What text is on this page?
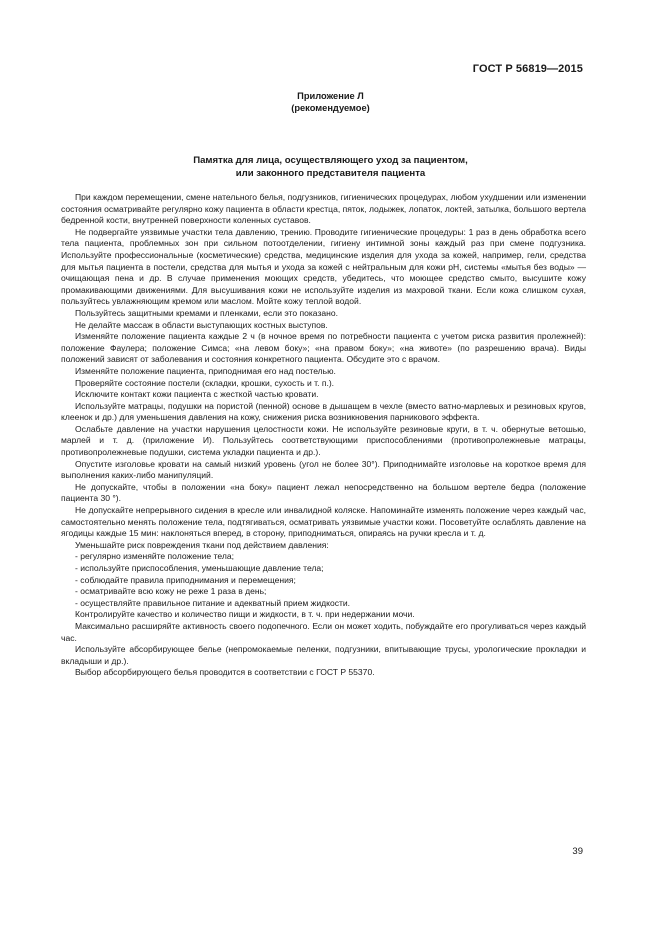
ГОСТ Р 56819—2015
Приложение Л
(рекомендуемое)
Памятка для лица, осуществляющего уход за пациентом,
или законного представителя пациента

При каждом перемещении, смене нательного белья, подгузников, гигиенических процедурах, любом ухудшении или изменении состояния осматривайте регулярно кожу пациента в области крестца, пяток, лодыжек, лопаток, локтей, затылка, большого вертела бедренной кости, внутренней поверхности коленных суставов.

Не подвергайте уязвимые участки тела давлению, трению. Проводите гигиенические процедуры: 1 раз в день обработка всего тела пациента, проблемных зон при сильном потоотделении, гигиену интимной зоны каждый раз при смене подгузника. Используйте профессиональные (косметические) средства, медицинские изделия для ухода за кожей, например, гели, средства для мытья пациента в постели, средства для мытья и ухода за кожей с нейтральным для кожи pH, системы «мытья без воды» — очищающая пена и др. В случае применения моющих средств, убедитесь, что моющее средство смыто, высушите кожу промакивающими движениями. Для высушивания кожи не используйте изделия из махровой ткани. Если кожа слишком сухая, пользуйтесь увлажняющим кремом или маслом. Мойте кожу теплой водой.

Пользуйтесь защитными кремами и пленками, если это показано.

Не делайте массаж в области выступающих костных выступов.

Изменяйте положение пациента каждые 2 ч (в ночное время по потребности пациента с учетом риска развития пролежней): положение Фаулера; положение Симса; «на левом боку»; «на правом боку»; «на животе» (по разрешению врача). Виды положений зависят от заболевания и состояния конкретного пациента. Обсудите это с врачом.

Изменяйте положение пациента, приподнимая его над постелью.

Проверяйте состояние постели (складки, крошки, сухость и т. п.).

Исключите контакт кожи пациента с жесткой частью кровати.

Используйте матрацы, подушки на пористой (пенной) основе в дышащем в чехле (вместо ватно-марлевых и резиновых кругов, клеенок и др.) для уменьшения давления на кожу, снижения риска возникновения парникового эффекта.

Ослабьте давление на участки нарушения целостности кожи. Не используйте резиновые круги, в т. ч. обернутые ветошью, марлей и т. д. (приложение И). Пользуйтесь соответствующими приспособлениями (противопролежневые матрацы, противопролежневые подушки, система укладки пациента и др.).

Опустите изголовье кровати на самый низкий уровень (угол не более 30°). Приподнимайте изголовье на короткое время для выполнения каких-либо манипуляций.

Не допускайте, чтобы в положении «на боку» пациент лежал непосредственно на большом вертеле бедра (положение пациента 30 °).

Не допускайте непрерывного сидения в кресле или инвалидной коляске. Напоминайте изменять положение через каждый час, самостоятельно менять положение тела, подтягиваться, осматривать уязвимые участки кожи. Посоветуйте ослаблять давление на ягодицы каждые 15 мин: наклоняться вперед, в сторону, приподниматься, опираясь на ручки кресла и т. д.

Уменьшайте риск повреждения ткани под действием давления:

- регулярно изменяйте положение тела;

- используйте приспособления, уменьшающие давление тела;

- соблюдайте правила приподнимания и перемещения;

- осматривайте всю кожу не реже 1 раза в день;

- осуществляйте правильное питание и адекватный прием жидкости.

Контролируйте качество и количество пищи и жидкости, в т. ч. при недержании мочи.

Максимально расширяйте активность своего подопечного. Если он может ходить, побуждайте его прогуливаться через каждый час.

Используйте абсорбирующее белье (непромокаемые пеленки, подгузники, впитывающие трусы, урологические прокладки и вкладыши и др.).

Выбор абсорбирующего белья проводится в соответствии с ГОСТ Р 55370.

39
